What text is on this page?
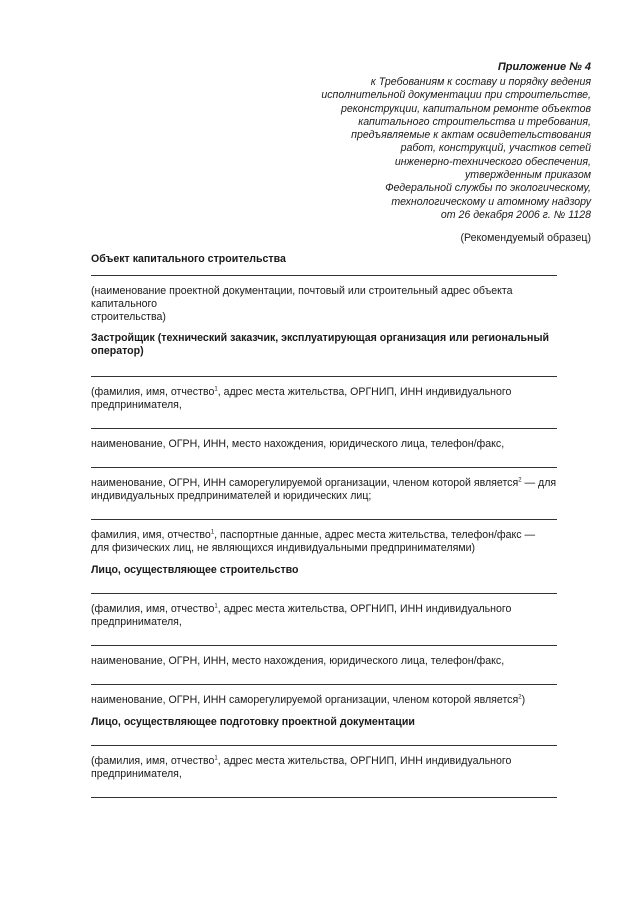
Приложение № 4
к Требованиям к составу и порядку ведения
исполнительной документации при строительстве,
реконструкции, капитальном ремонте объектов
капитального строительства и требования,
предъявляемые к актам освидетельствования
работ, конструкций, участков сетей
инженерно-технического обеспечения,
утвержденным приказом
Федеральной службы по экологическому,
технологическому и атомному надзору
от 26 декабря 2006 г. № 1128
(Рекомендуемый образец)
Объект капитального строительства
(наименование проектной документации, почтовый или строительный адрес объекта
капитального
строительства)
Застройщик (технический заказчик, эксплуатирующая организация или региональный
оператор)
(фамилия, имя, отчество$^1$, адрес места жительства, ОРГНИП, ИНН индивидуального
предпринимателя,
наименование, ОГРН, ИНН, место нахождения, юридического лица, телефон/факс,
наименование, ОГРН, ИНН саморегулируемой организации, членом которой является$^2$ — для
индивидуальных предпринимателей и юридических лиц;
фамилия, имя, отчество$^1$, паспортные данные, адрес места жительства, телефон/факс —
для физических лиц, не являющихся индивидуальными предпринимателями)
Лицо, осуществляющее строительство
(фамилия, имя, отчество$^1$, адрес места жительства, ОРГНИП, ИНН индивидуального
предпринимателя,
наименование, ОГРН, ИНН, место нахождения, юридического лица, телефон/факс,
наименование, ОГРН, ИНН саморегулируемой организации, членом которой является$^2$)
Лицо, осуществляющее подготовку проектной документации
(фамилия, имя, отчество$^1$, адрес места жительства, ОРГНИП, ИНН индивидуального
предпринимателя,
